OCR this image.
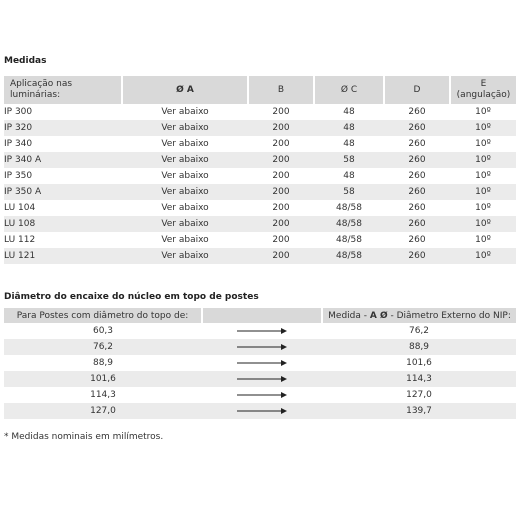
Medidas
Aplicação nas luminárias:	Ø A	B	Ø C	D	E
(angulação)
IP 300	Ver abaixo	200	48	260	10º
IP 320	Ver abaixo	200	48	260	10º
IP 340	Ver abaixo	200	48	260	10º
IP 340 A	Ver abaixo	200	58	260	10º
IP 350	Ver abaixo	200	48	260	10º
IP 350 A	Ver abaixo	200	58	260	10º
LU 104	Ver abaixo	200	48/58	260	10º
LU 108	Ver abaixo	200	48/58	260	10º
LU 112	Ver abaixo	200	48/58	260	10º
LU 121	Ver abaixo	200	48/58	260	10º
Diâmetro do encaixe do núcleo em topo de postes
Para Postes com diâmetro do topo de:		Medida - A Ø - Diâmetro Externo do NIP:
60,3		76,2
76,2		88,9
88,9		101,6
101,6		114,3
114,3		127,0
127,0		139,7
* Medidas nominais em milímetros.
